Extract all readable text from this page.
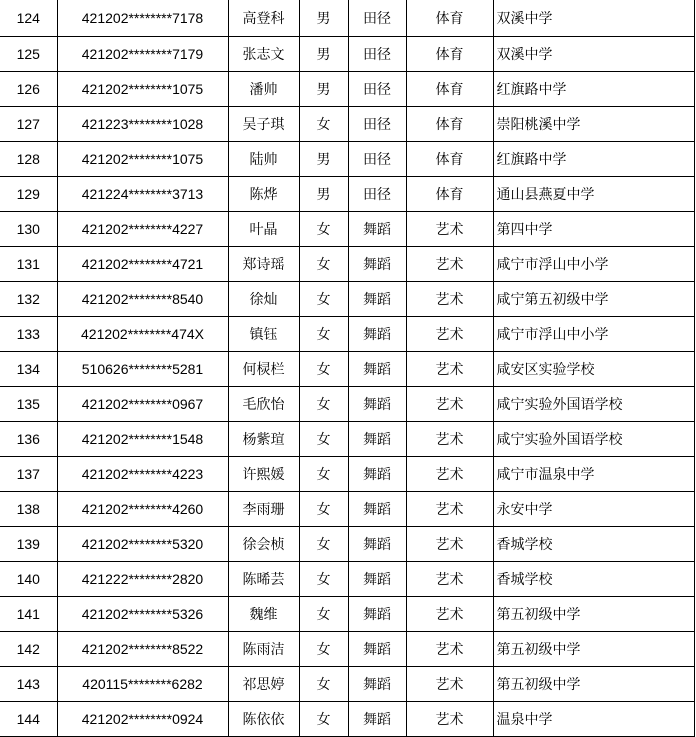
124	421202********7178	高登科	男	田径	体育	双溪中学
125	421202********7179	张志文	男	田径	体育	双溪中学
126	421202********1075	潘帅	男	田径	体育	红旗路中学
127	421223********1028	吴子琪	女	田径	体育	崇阳桃溪中学
128	421202********1075	陆帅	男	田径	体育	红旗路中学
129	421224********3713	陈烨	男	田径	体育	通山县燕夏中学
130	421202********4227	叶晶	女	舞蹈	艺术	第四中学
131	421202********4721	郑诗瑶	女	舞蹈	艺术	咸宁市浮山中小学
132	421202********8540	徐灿	女	舞蹈	艺术	咸宁第五初级中学
133	421202********474X	镇钰	女	舞蹈	艺术	咸宁市浮山中小学
134	510626********5281	何棂栏	女	舞蹈	艺术	咸安区实验学校
135	421202********0967	毛欣怡	女	舞蹈	艺术	咸宁实验外国语学校
136	421202********1548	杨紫瑄	女	舞蹈	艺术	咸宁实验外国语学校
137	421202********4223	许熙媛	女	舞蹈	艺术	咸宁市温泉中学
138	421202********4260	李雨珊	女	舞蹈	艺术	永安中学
139	421202********5320	徐会桢	女	舞蹈	艺术	香城学校
140	421222********2820	陈晞芸	女	舞蹈	艺术	香城学校
141	421202********5326	魏维	女	舞蹈	艺术	第五初级中学
142	421202********8522	陈雨洁	女	舞蹈	艺术	第五初级中学
143	420115********6282	祁思婷	女	舞蹈	艺术	第五初级中学
144	421202********0924	陈依依	女	舞蹈	艺术	温泉中学
